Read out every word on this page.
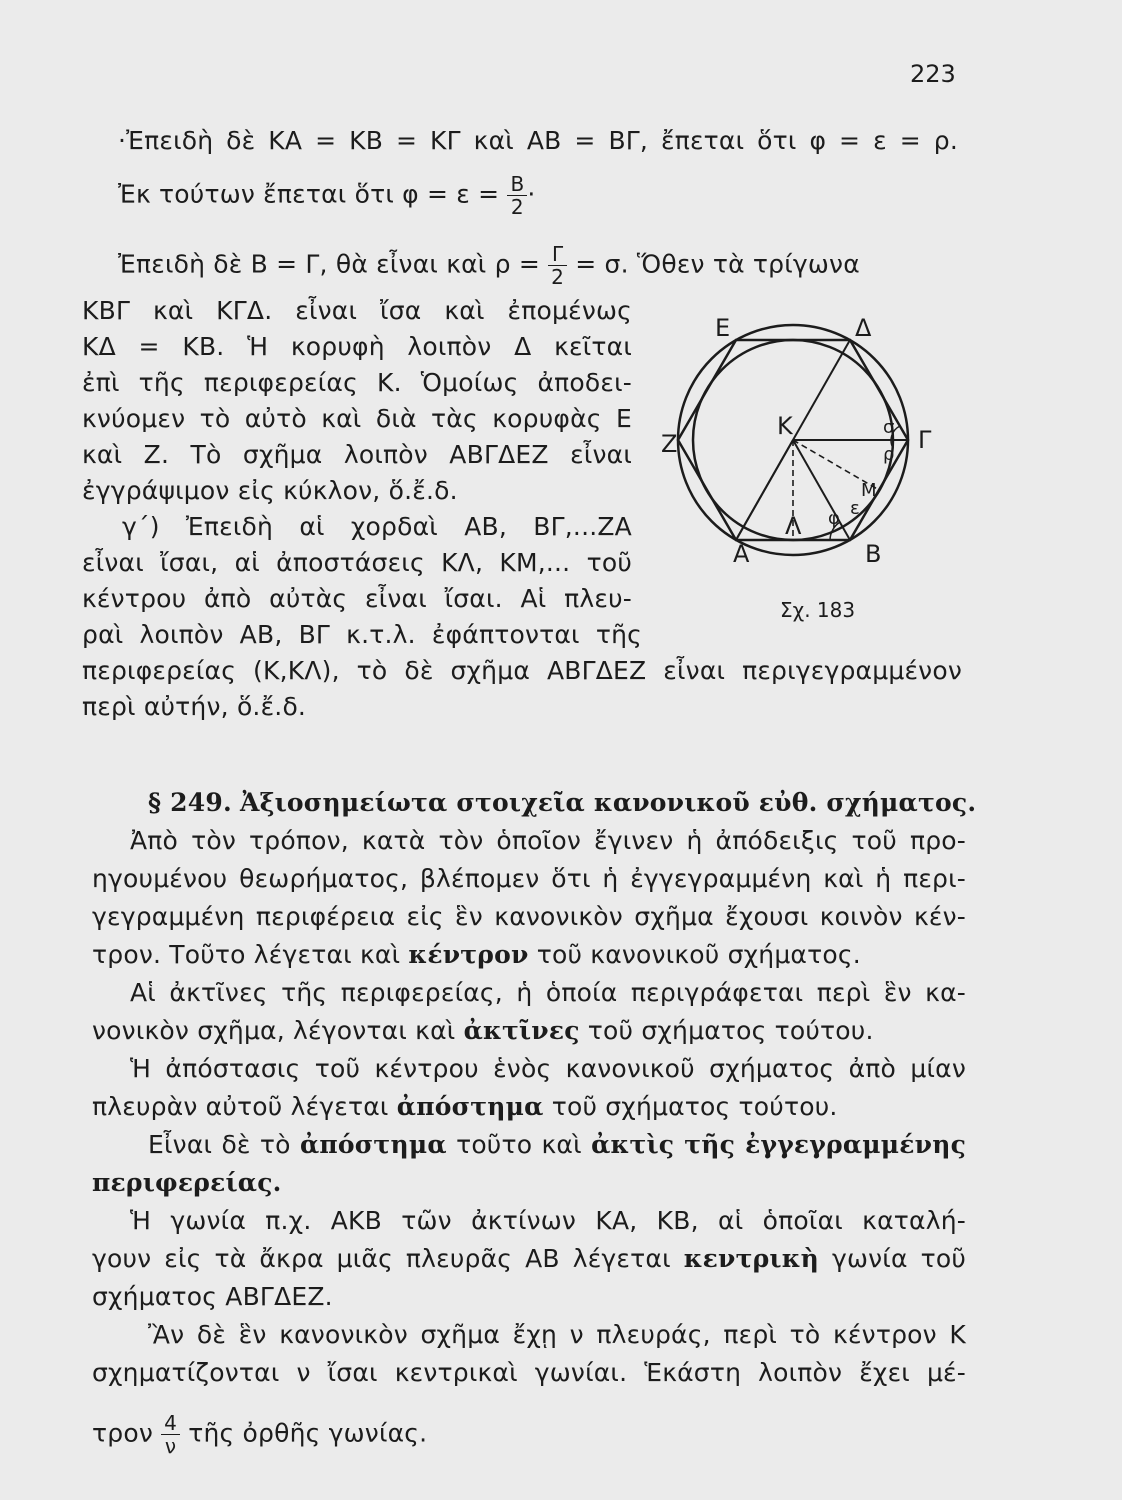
223
·Ἐπειδὴ δὲ ΚΑ = ΚΒ = ΚΓ καὶ ΑΒ = ΒΓ, ἔπεται ὅτι φ = ε = ρ.
Ἐκ τούτων ἔπεται ὅτι $\varphi = \varepsilon = \frac{B}{2}$ ·
Ἐπειδὴ δὲ Β = Γ, θὰ εἶναι καὶ $\rho = \frac{\Gamma}{2} = \sigma$. Ὅθεν τὰ τρίγωνα
ΚΒΓ καὶ ΚΓΔ. εἶναι ἴσα καὶ ἐπομένως
ΚΔ = ΚΒ. Ἡ κορυφὴ λοιπὸν Δ κεῖται
ἐπὶ τῆς περιφερείας Κ. Ὁμοίως ἀποδει-
κνύομεν τὸ αὐτὸ καὶ διὰ τὰς κορυφὰς Ε
καὶ Ζ. Τὸ σχῆμα λοιπὸν ΑΒΓΔΕΖ εἶναι
ἐγγράψιμον εἰς κύκλον, ὅ.ἔ.δ.
γ΄) Ἐπειδὴ αἱ χορδαὶ ΑΒ, ΒΓ,...ΖΑ
εἶναι ἴσαι, αἱ ἀποστάσεις ΚΛ, ΚΜ,... τοῦ
κέντρου ἀπὸ αὐτὰς εἶναι ἴσαι. Αἱ πλευ-
ραὶ λοιπὸν ΑΒ, ΒΓ κ.τ.λ. ἐφάπτονται τῆς
περιφερείας (Κ,ΚΛ), τὸ δὲ σχῆμα ΑΒΓΔΕΖ εἶναι περιγεγραμμένον
περὶ αὐτήν, ὅ.ἔ.δ.
Ε	Δ
Ζ
Κ	σ Γ
ρ
Μ
ε
φ
Λ
Α	Β
Σχ. 183
§ 249. Ἀξιοσημείωτα στοιχεῖα κανονικοῦ εὐθ. σχήματος.
Ἀπὸ τὸν τρόπον, κατὰ τὸν ὁποῖον ἔγινεν ἡ ἀπόδειξις τοῦ προ-
ηγουμένου θεωρήματος, βλέπομεν ὅτι ἡ ἐγγεγραμμένη καὶ ἡ περι-
γεγραμμένη περιφέρεια εἰς ἓν κανονικὸν σχῆμα ἔχουσι κοινὸν κέν-
τρον. Τοῦτο λέγεται καὶ κέντρον τοῦ κανονικοῦ σχήματος.
Αἱ ἀκτῖνες τῆς περιφερείας, ἡ ὁποία περιγράφεται περὶ ἓν κα-
νονικὸν σχῆμα, λέγονται καὶ ἀκτῖνες τοῦ σχήματος τούτου.
Ἡ ἀπόστασις τοῦ κέντρου ἑνὸς κανονικοῦ σχήματος ἀπὸ μίαν
πλευρὰν αὐτοῦ λέγεται ἀπόστημα τοῦ σχήματος τούτου.
Εἶναι δὲ τὸ ἀπόστημα τοῦτο καὶ ἀκτὶς τῆς ἐγγεγραμμένης
περιφερείας.
Ἡ γωνία π.χ. ΑΚΒ τῶν ἀκτίνων ΚΑ, ΚΒ, αἱ ὁποῖαι καταλή-
γουν εἰς τὰ ἄκρα μιᾶς πλευρᾶς ΑΒ λέγεται κεντρικὴ γωνία τοῦ
σχήματος ΑΒΓΔΕΖ.
Ἂν δὲ ἓν κανονικὸν σχῆμα ἔχῃ ν πλευράς, περὶ τὸ κέντρον Κ
σχηματίζονται ν ἴσαι κεντρικαὶ γωνίαι. Ἑκάστη λοιπὸν ἔχει μέ-
τρον $\frac{4}{\nu}$ τῆς ὀρθῆς γωνίας.
